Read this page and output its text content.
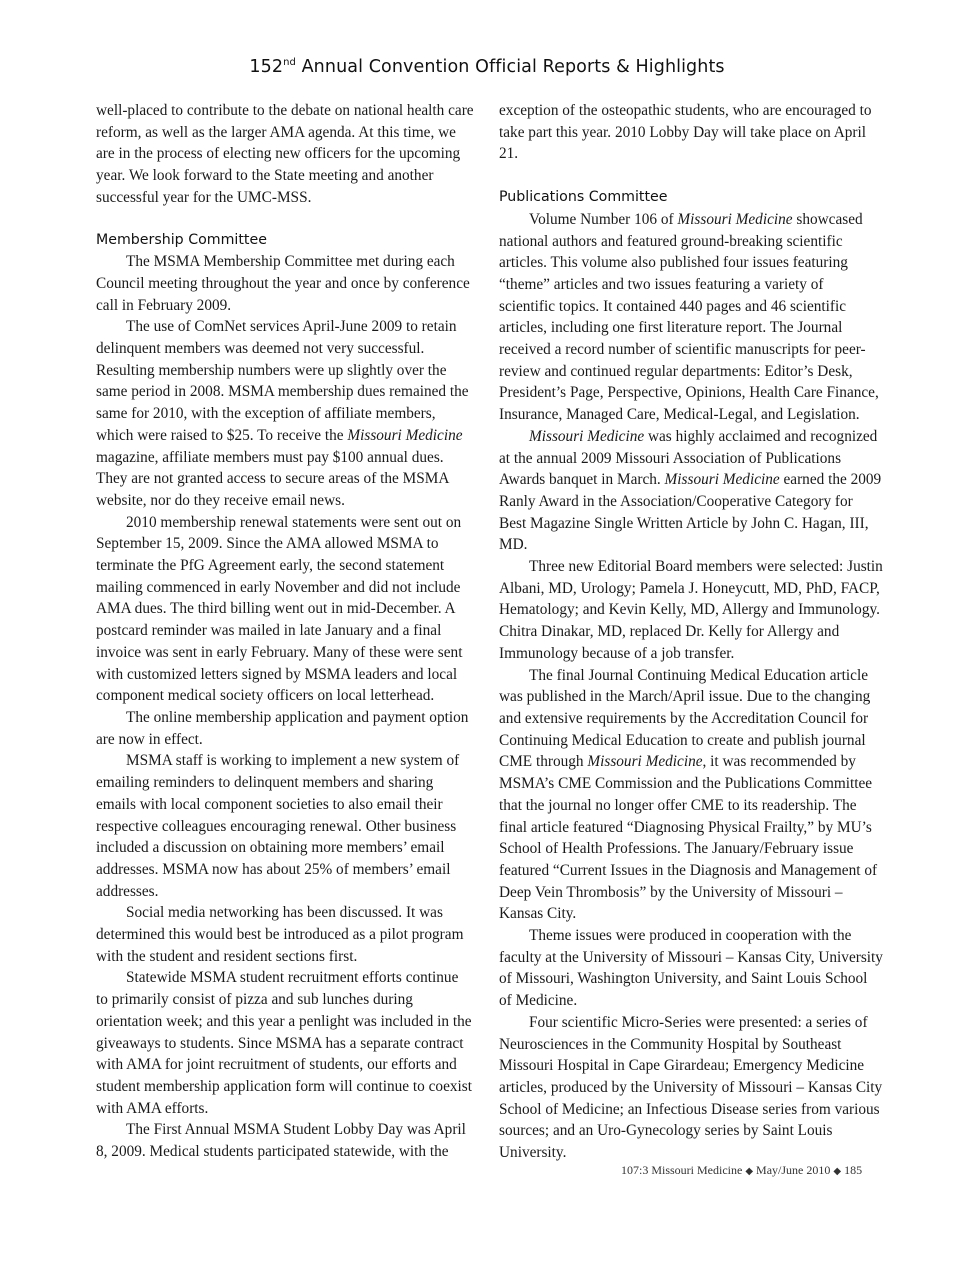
152nd Annual Convention Official Reports & Highlights

well-placed to contribute to the debate on national health care reform, as well as the larger AMA agenda. At this time, we are in the process of electing new officers for the upcoming year. We look forward to the State meeting and another successful year for the UMC-MSS.

Membership Committee

The MSMA Membership Committee met during each Council meeting throughout the year and once by conference call in February 2009.

The use of ComNet services April-June 2009 to retain delinquent members was deemed not very successful. Resulting membership numbers were up slightly over the same period in 2008. MSMA membership dues remained the same for 2010, with the exception of affiliate members, which were raised to $25. To receive the Missouri Medicine magazine, affiliate members must pay $100 annual dues. They are not granted access to secure areas of the MSMA website, nor do they receive email news.

2010 membership renewal statements were sent out on September 15, 2009. Since the AMA allowed MSMA to terminate the PfG Agreement early, the second statement mailing commenced in early November and did not include AMA dues. The third billing went out in mid-December. A postcard reminder was mailed in late January and a final invoice was sent in early February. Many of these were sent with customized letters signed by MSMA leaders and local component medical society officers on local letterhead.

The online membership application and payment option are now in effect.

MSMA staff is working to implement a new system of emailing reminders to delinquent members and sharing emails with local component societies to also email their respective colleagues encouraging renewal. Other business included a discussion on obtaining more members’ email addresses. MSMA now has about 25% of members’ email addresses.

Social media networking has been discussed. It was determined this would best be introduced as a pilot program with the student and resident sections first.

Statewide MSMA student recruitment efforts continue to primarily consist of pizza and sub lunches during orientation week; and this year a penlight was included in the giveaways to students. Since MSMA has a separate contract with AMA for joint recruitment of students, our efforts and student membership application form will continue to coexist with AMA efforts.

The First Annual MSMA Student Lobby Day was April 8, 2009. Medical students participated statewide, with the

exception of the osteopathic students, who are encouraged to take part this year. 2010 Lobby Day will take place on April 21.

Publications Committee

Volume Number 106 of Missouri Medicine showcased national authors and featured ground-breaking scientific articles. This volume also published four issues featuring “theme” articles and two issues featuring a variety of scientific topics. It contained 440 pages and 46 scientific articles, including one first literature report. The Journal received a record number of scientific manuscripts for peer-review and continued regular departments: Editor’s Desk, President’s Page, Perspective, Opinions, Health Care Finance, Insurance, Managed Care, Medical-Legal, and Legislation.

Missouri Medicine was highly acclaimed and recognized at the annual 2009 Missouri Association of Publications Awards banquet in March. Missouri Medicine earned the 2009 Ranly Award in the Association/Cooperative Category for Best Magazine Single Written Article by John C. Hagan, III, MD.

Three new Editorial Board members were selected: Justin Albani, MD, Urology; Pamela J. Honeycutt, MD, PhD, FACP, Hematology; and Kevin Kelly, MD, Allergy and Immunology. Chitra Dinakar, MD, replaced Dr. Kelly for Allergy and Immunology because of a job transfer.

The final Journal Continuing Medical Education article was published in the March/April issue. Due to the changing and extensive requirements by the Accreditation Council for Continuing Medical Education to create and publish journal CME through Missouri Medicine, it was recommended by MSMA’s CME Commission and the Publications Committee that the journal no longer offer CME to its readership. The final article featured “Diagnosing Physical Frailty,” by MU’s School of Health Professions. The January/February issue featured “Current Issues in the Diagnosis and Management of Deep Vein Thrombosis” by the University of Missouri – Kansas City.

Theme issues were produced in cooperation with the faculty at the University of Missouri – Kansas City, University of Missouri, Washington University, and Saint Louis School of Medicine.

Four scientific Micro-Series were presented: a series of Neurosciences in the Community Hospital by Southeast Missouri Hospital in Cape Girardeau; Emergency Medicine articles, produced by the University of Missouri – Kansas City School of Medicine; an Infectious Disease series from various sources; and an Uro-Gynecology series by Saint Louis University.

107:3 Missouri Medicine ◆ May/June 2010 ◆ 185
